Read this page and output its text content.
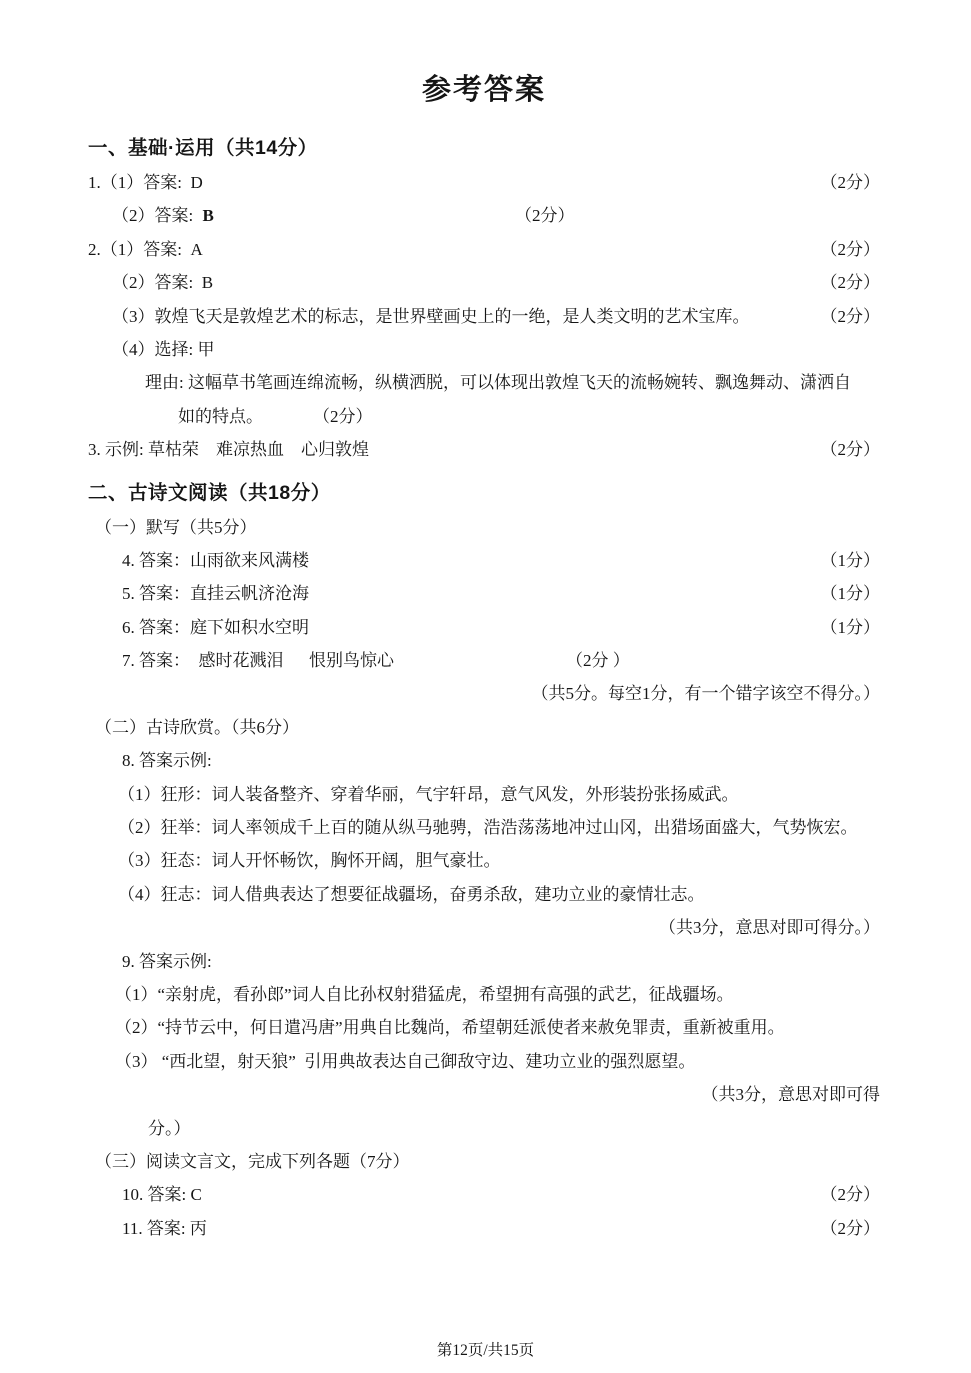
参考答案
一、基础·运用（共14分）
1.（1）答案:  D	（2分）
（2）答案: B	（2分）
2.（1）答案:  A	（2分）
（2）答案:  B	（2分）
（3）敦煌飞天是敦煌艺术的标志，是世界壁画史上的一绝，是人类文明的艺术宝库。	（2分）
（4）选择: 甲
理由: 这幅草书笔画连绵流畅，纵横洒脱，可以体现出敦煌飞天的流畅婉转、飘逸舞动、潇洒自
如的特点。	（2分）
3. 示例: 草枯荣　难凉热血　心归敦煌	（2分）
二、古诗文阅读（共18分）
（一）默写（共5分）
4. 答案：山雨欲来风满楼	（1分）
5. 答案：直挂云帆济沧海	（1分）
6. 答案：庭下如积水空明	（1分）
7. 答案：  感时花溅泪　  恨别鸟惊心	（2分 ）
（共5分。每空1分，有一个错字该空不得分。）
（二）古诗欣赏。（共6分）
8. 答案示例:
（1）狂形：词人装备整齐、穿着华丽，气宇轩昂，意气风发，外形装扮张扬威武。
（2）狂举：词人率领成千上百的随从纵马驰骋，浩浩荡荡地冲过山冈，出猎场面盛大，气势恢宏。
（3）狂态：词人开怀畅饮，胸怀开阔，胆气豪壮。
（4）狂志：词人借典表达了想要征战疆场，奋勇杀敌，建功立业的豪情壮志。
（共3分，意思对即可得分。）
9. 答案示例:
（1）“亲射虎，看孙郎”词人自比孙权射猎猛虎，希望拥有高强的武艺，征战疆场。
（2）“持节云中，何日遣冯唐”用典自比魏尚，希望朝廷派使者来赦免罪责，重新被重用。
（3） “西北望，射天狼”  引用典故表达自己御敌守边、建功立业的强烈愿望。
（共3分，意思对即可得
分。）
（三）阅读文言文，完成下列各题（7分）
10. 答案: C	（2分）
11. 答案: 丙	（2分）
第12页/共15页
